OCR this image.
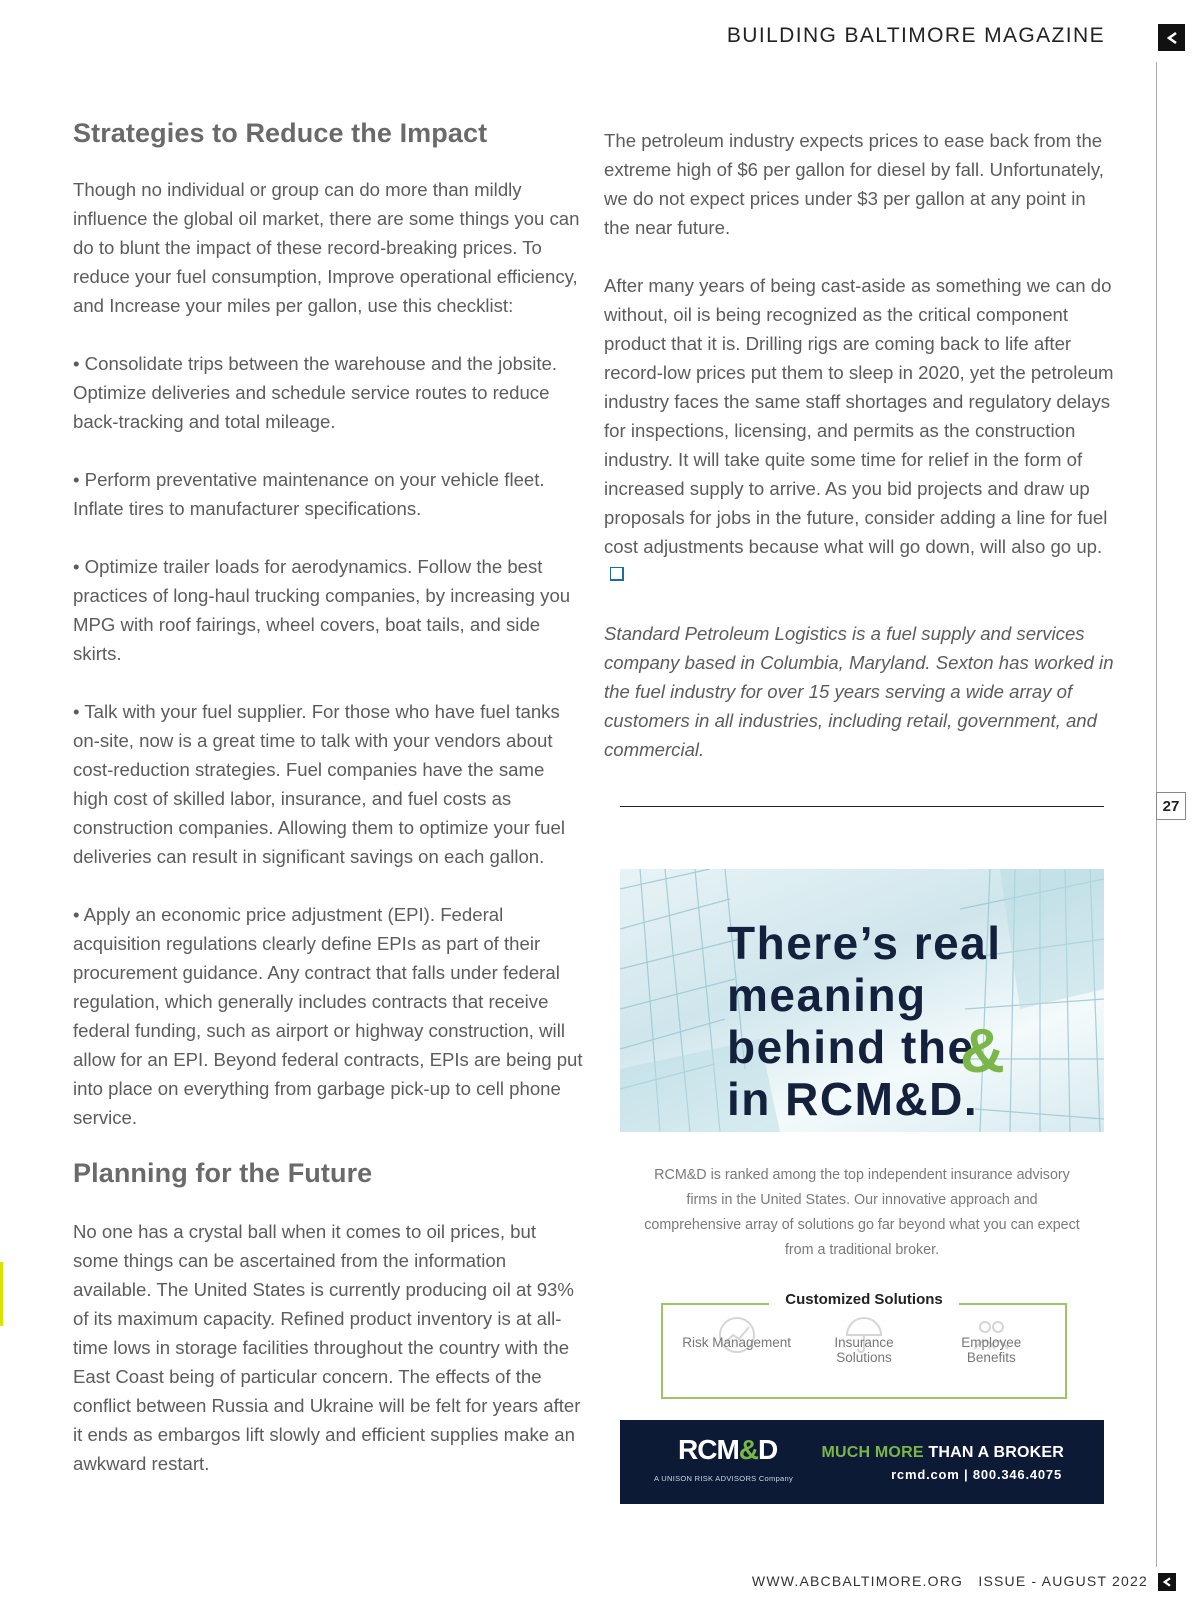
BUILDING BALTIMORE MAGAZINE
27
Strategies to Reduce the Impact

Though no individual or group can do more than mildly influence the global oil market, there are some things you can do to blunt the impact of these record-breaking prices. To reduce your fuel consumption, Improve operational efficiency, and Increase your miles per gallon, use this checklist:

• Consolidate trips between the warehouse and the jobsite. Optimize deliveries and schedule service routes to reduce back-tracking and total mileage.

• Perform preventative maintenance on your vehicle fleet. Inflate tires to manufacturer specifications.

• Optimize trailer loads for aerodynamics. Follow the best practices of long-haul trucking companies, by increasing you MPG with roof fairings, wheel covers, boat tails, and side skirts.

• Talk with your fuel supplier. For those who have fuel tanks on-site, now is a great time to talk with your vendors about cost-reduction strategies. Fuel companies have the same high cost of skilled labor, insurance, and fuel costs as construction companies. Allowing them to optimize your fuel deliveries can result in significant savings on each gallon.

• Apply an economic price adjustment (EPI). Federal acquisition regulations clearly define EPIs as part of their procurement guidance. Any contract that falls under federal regulation, which generally includes contracts that receive federal funding, such as airport or highway construction, will allow for an EPI. Beyond federal contracts, EPIs are being put into place on everything from garbage pick-up to cell phone service.

Planning for the Future

No one has a crystal ball when it comes to oil prices, but some things can be ascertained from the information available. The United States is currently producing oil at 93% of its maximum capacity. Refined product inventory is at all-time lows in storage facilities throughout the country with the East Coast being of particular concern. The effects of the conflict between Russia and Ukraine will be felt for years after it ends as embargos lift slowly and efficient supplies make an awkward restart.

The petroleum industry expects prices to ease back from the extreme high of $6 per gallon for diesel by fall. Unfortunately, we do not expect prices under $3 per gallon at any point in the near future.

After many years of being cast-aside as something we can do without, oil is being recognized as the critical component product that it is. Drilling rigs are coming back to life after record-low prices put them to sleep in 2020, yet the petroleum industry faces the same staff shortages and regulatory delays for inspections, licensing, and permits as the construction industry. It will take quite some time for relief in the form of increased supply to arrive. As you bid projects and draw up proposals for jobs in the future, consider adding a line for fuel cost adjustments because what will go down, will also go up.

Standard Petroleum Logistics is a fuel supply and services company based in Columbia, Maryland. Sexton has worked in the fuel industry for over 15 years serving a wide array of customers in all industries, including retail, government, and commercial.

There’s real
meaning
behind the
in RCM&D.
&
RCM&D is ranked among the top independent insurance advisory firms in the United States. Our innovative approach and comprehensive array of solutions go far beyond what you can expect from a traditional broker.
Customized Solutions
Risk Management	Insurance Solutions
Employee Benefits
RCM&D
A UNISON RISK ADVISORS Company
MUCH MORE THAN A BROKER
rcmd.com | 800.346.4075
WWW.ABCBALTIMORE.ORG ISSUE - AUGUST 2022
